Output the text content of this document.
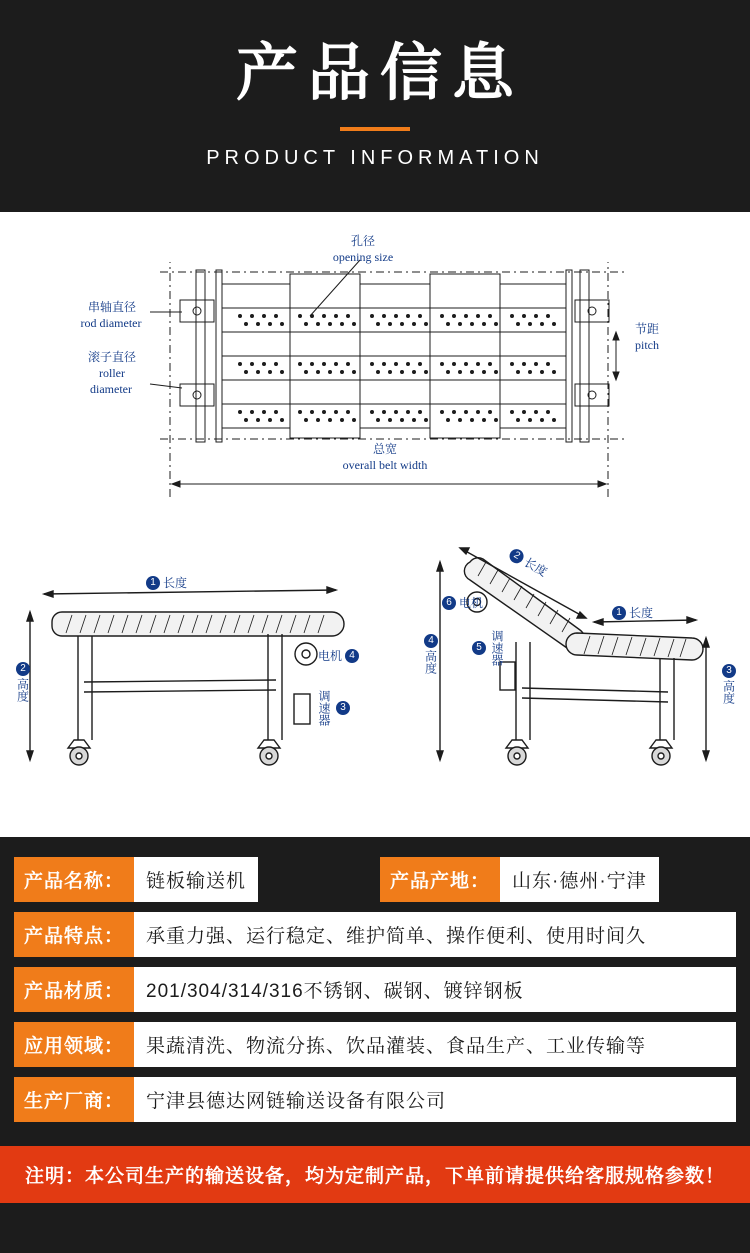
产品信息
PRODUCT INFORMATION
孔径
opening size
串轴直径
rod diameter
滚子直径
roller
diameter
节距
pitch
总宽
overall belt width
1 长度
2
高度
电机 4
调速器 3
2 长度
1 长度
4
高度	3
高度
6 电机
5 调速器
产品名称：	链板输送机	产品产地：	山东·德州·宁津
产品特点：	承重力强、运行稳定、维护简单、操作便利、使用时间久
产品材质：	201/304/314/316不锈钢、碳钢、镀锌钢板
应用领域：	果蔬清洗、物流分拣、饮品灌装、食品生产、工业传输等
生产厂商：	宁津县德达网链输送设备有限公司
注明：本公司生产的输送设备，均为定制产品，下单前请提供给客服规格参数！
